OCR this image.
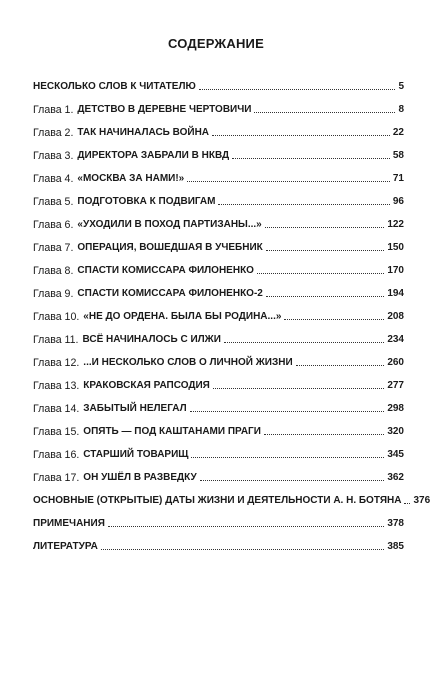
СОДЕРЖАНИЕ
НЕСКОЛЬКО СЛОВ К ЧИТАТЕЛЮ	5
Глава 1. ДЕТСТВО В ДЕРЕВНЕ ЧЕРТОВИЧИ	8
Глава 2. ТАК НАЧИНАЛАСЬ ВОЙНА	22
Глава 3. ДИРЕКТОРА ЗАБРАЛИ В НКВД	58
Глава 4. «МОСКВА ЗА НАМИ!»	71
Глава 5. ПОДГОТОВКА К ПОДВИГАМ	96
Глава 6. «УХОДИЛИ В ПОХОД ПАРТИЗАНЫ...»	122
Глава 7. ОПЕРАЦИЯ, ВОШЕДШАЯ В УЧЕБНИК	150
Глава 8. СПАСТИ КОМИССАРА ФИЛОНЕНКО	170
Глава 9. СПАСТИ КОМИССАРА ФИЛОНЕНКО-2	194
Глава 10. «НЕ ДО ОРДЕНА. БЫЛА БЫ РОДИНА...»	208
Глава 11. ВСЁ НАЧИНАЛОСЬ С ИЛЖИ	234
Глава 12. ...И НЕСКОЛЬКО СЛОВ О ЛИЧНОЙ ЖИЗНИ	260
Глава 13. КРАКОВСКАЯ РАПСОДИЯ	277
Глава 14. ЗАБЫТЫЙ НЕЛЕГАЛ	298
Глава 15. ОПЯТЬ — ПОД КАШТАНАМИ ПРАГИ	320
Глава 16. СТАРШИЙ ТОВАРИЩ	345
Глава 17. ОН УШЁЛ В РАЗВЕДКУ	362
ОСНОВНЫЕ (ОТКРЫТЫЕ) ДАТЫ ЖИЗНИ И ДЕЯТЕЛЬНОСТИ А. Н. БОТЯНА 376
ПРИМЕЧАНИЯ	378
ЛИТЕРАТУРА	385
